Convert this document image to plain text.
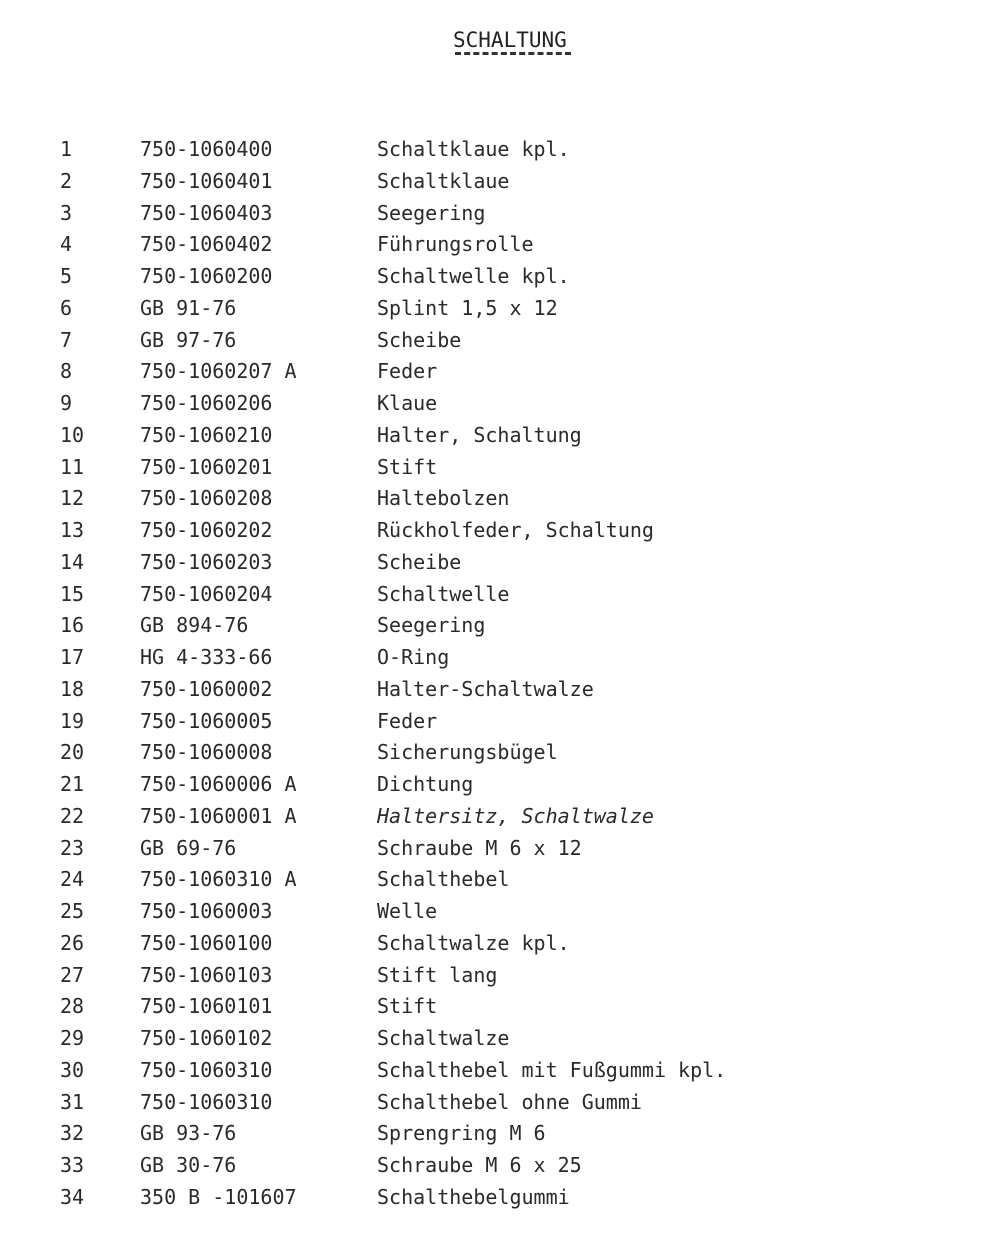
SCHALTUNG
1	750-1060400	Schaltklaue kpl.
2	750-1060401	Schaltklaue
3	750-1060403	Seegering
4	750-1060402	Führungsrolle
5	750-1060200	Schaltwelle kpl.
6	GB 91-76	Splint 1,5 x 12
7	GB 97-76	Scheibe
8	750-1060207 A	Feder
9	750-1060206	Klaue
10	750-1060210	Halter, Schaltung
11	750-1060201	Stift
12	750-1060208	Haltebolzen
13	750-1060202	Rückholfeder, Schaltung
14	750-1060203	Scheibe
15	750-1060204	Schaltwelle
16	GB 894-76	Seegering
17	HG 4-333-66	O-Ring
18	750-1060002	Halter-Schaltwalze
19	750-1060005	Feder
20	750-1060008	Sicherungsbügel
21	750-1060006 A	Dichtung
22	750-1060001 A	Haltersitz, Schaltwalze
23	GB 69-76	Schraube M 6 x 12
24	750-1060310 A	Schalthebel
25	750-1060003	Welle
26	750-1060100	Schaltwalze kpl.
27	750-1060103	Stift lang
28	750-1060101	Stift
29	750-1060102	Schaltwalze
30	750-1060310	Schalthebel mit Fußgummi kpl.
31	750-1060310	Schalthebel ohne Gummi
32	GB 93-76	Sprengring M 6
33	GB 30-76	Schraube M 6 x 25
34	350 B -101607	Schalthebelgummi
